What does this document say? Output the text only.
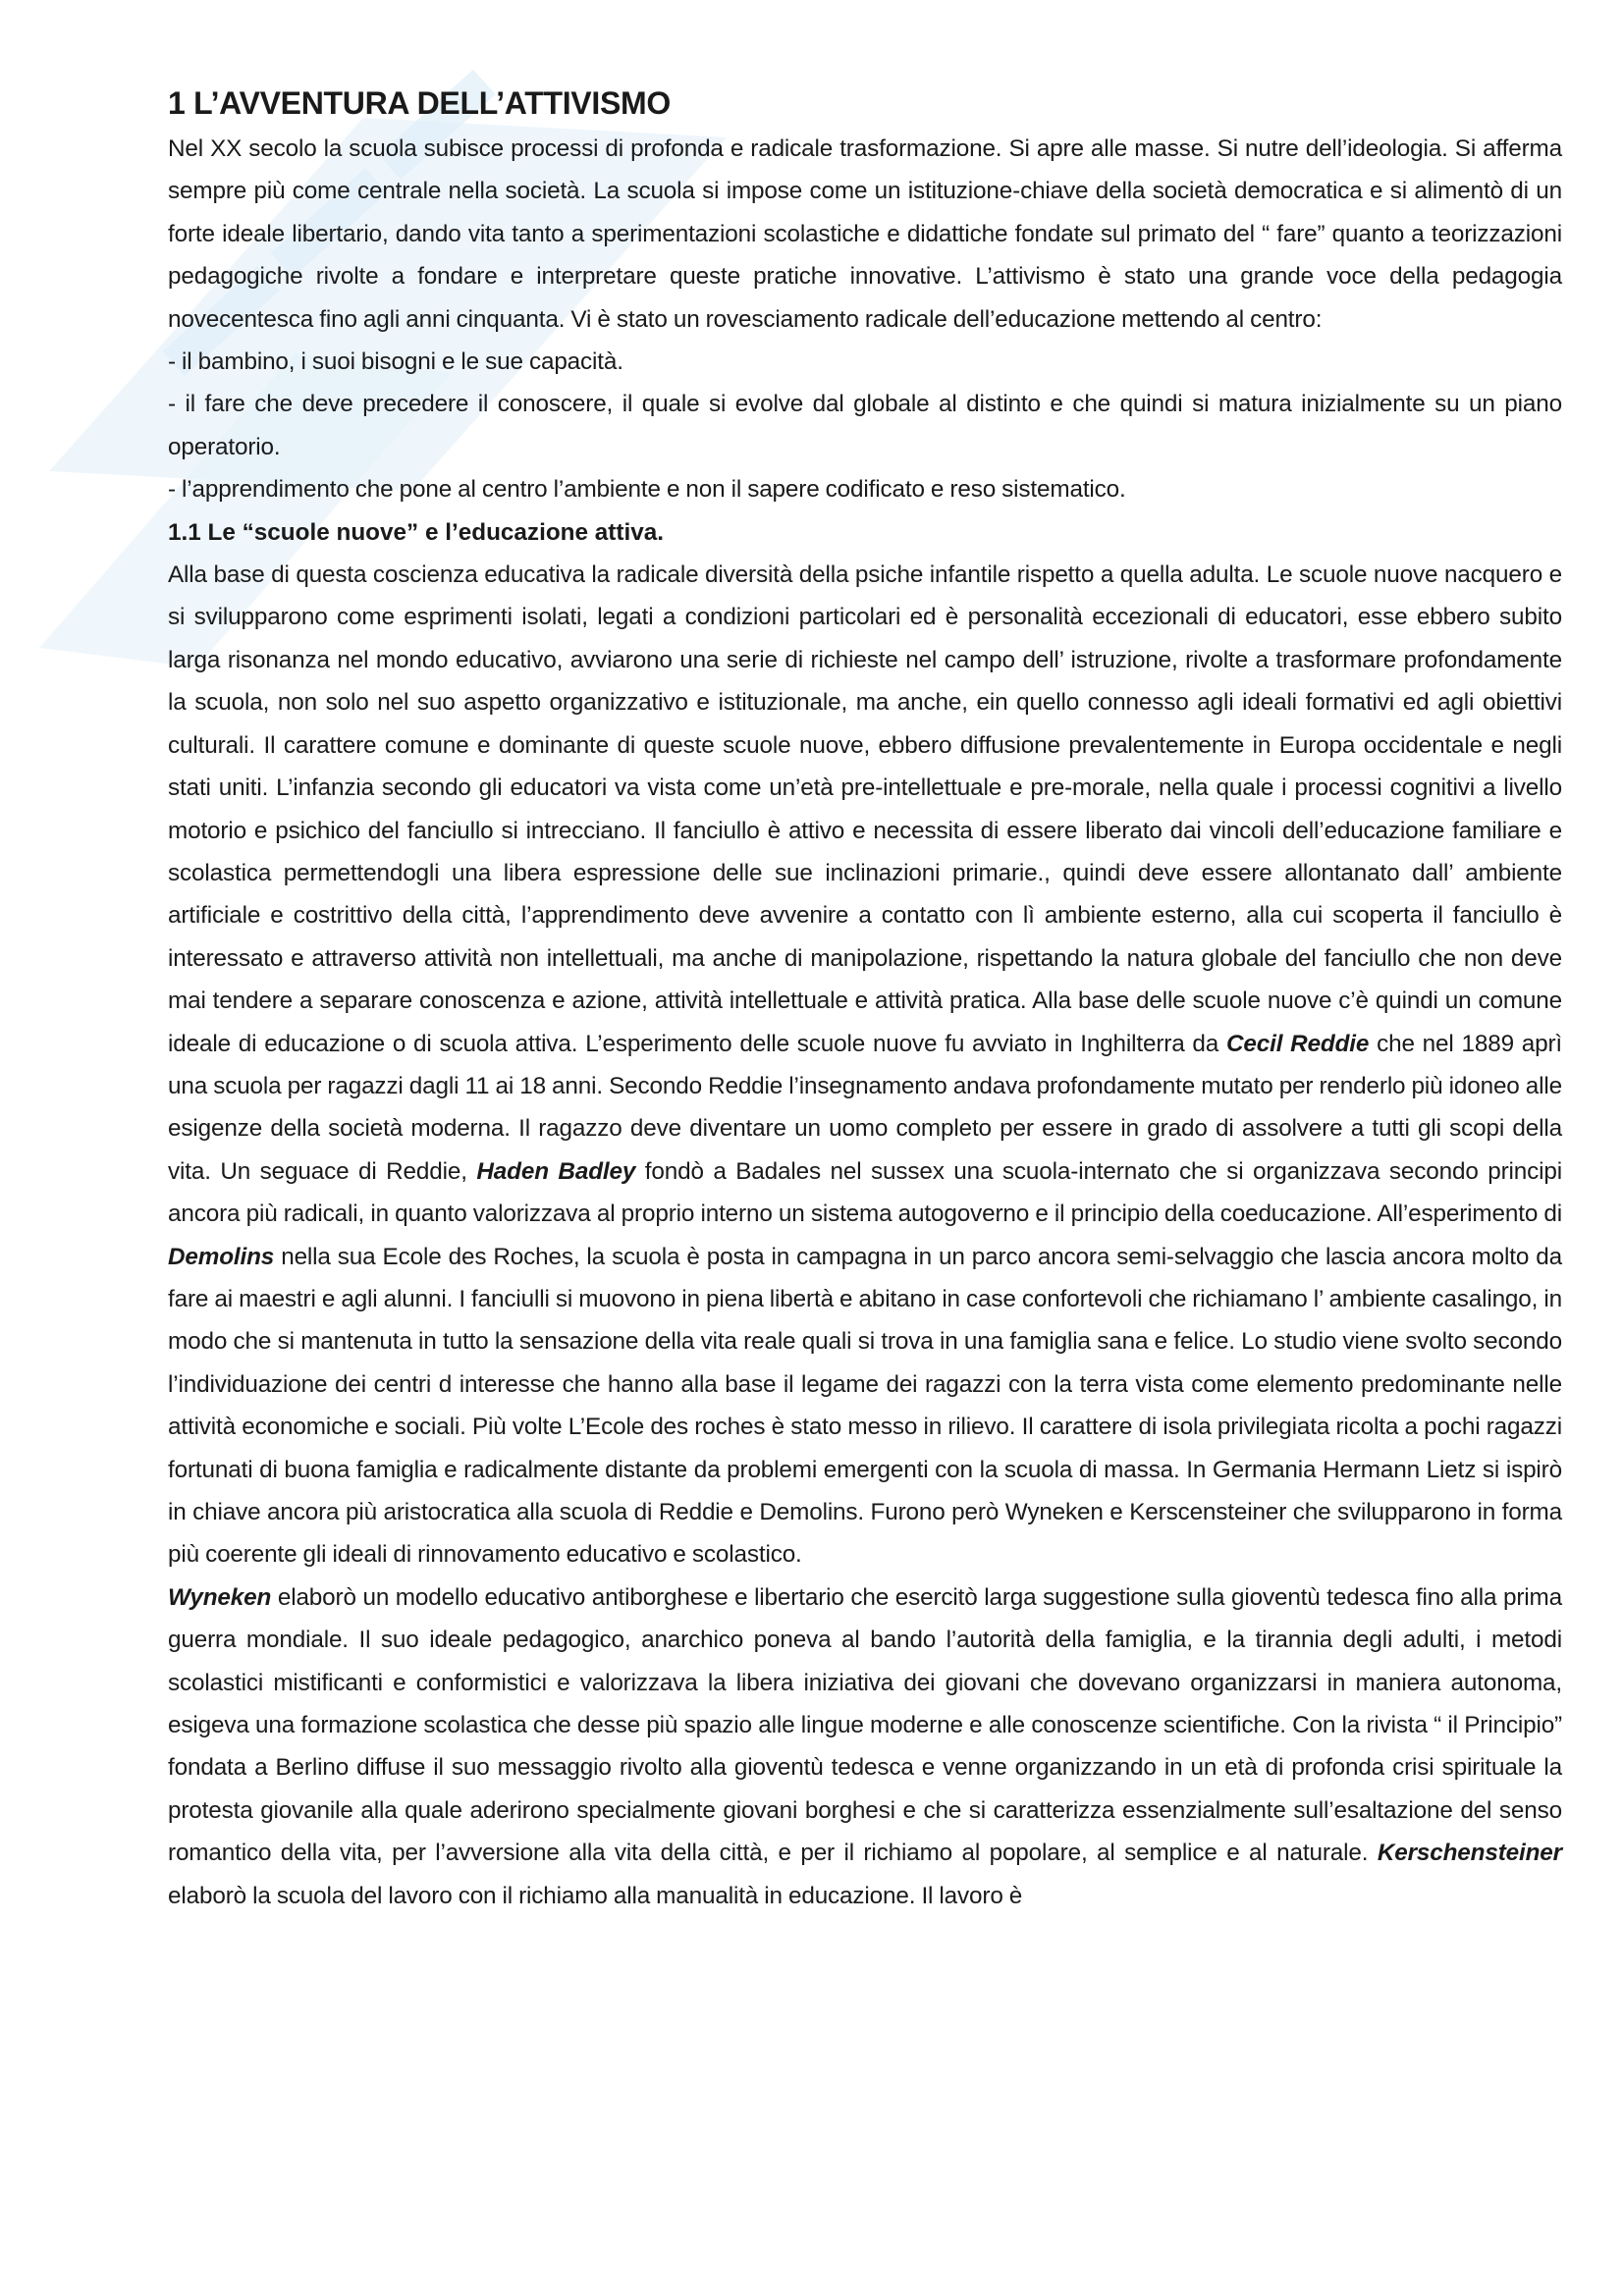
1 L’AVVENTURA DELL’ATTIVISMO

Nel XX secolo la scuola subisce processi di profonda e radicale trasformazione. Si apre alle masse. Si nutre dell’ideologia. Si afferma sempre più come centrale nella società. La scuola si impose come un istituzione-chiave della società democratica e si alimentò di un forte ideale libertario, dando vita tanto a sperimentazioni scolastiche e didattiche fondate sul primato del “ fare” quanto a teorizzazioni pedagogiche rivolte a fondare e interpretare queste pratiche innovative. L’attivismo è stato una grande voce della pedagogia novecentesca fino agli anni cinquanta. Vi è stato un rovesciamento radicale dell’educazione mettendo al centro:

- il bambino, i suoi bisogni e le sue capacità.

- il fare che deve precedere il conoscere, il quale si evolve dal globale al distinto e che quindi si matura inizialmente su un piano operatorio.

- l’apprendimento che pone al centro l’ambiente e non il sapere codificato e reso sistematico.

1.1 Le “scuole nuove” e l’educazione attiva.

Alla base di questa coscienza educativa la radicale diversità della psiche infantile rispetto a quella adulta. Le scuole nuove nacquero e si svilupparono come esprimenti isolati, legati a condizioni particolari ed è personalità eccezionali di educatori, esse ebbero subito larga risonanza nel mondo educativo, avviarono una serie di richieste nel campo dell’ istruzione, rivolte a trasformare profondamente la scuola, non solo nel suo aspetto organizzativo e istituzionale, ma anche, ein quello connesso agli ideali formativi ed agli obiettivi culturali. Il carattere comune e dominante di queste scuole nuove, ebbero diffusione prevalentemente in Europa occidentale e negli stati uniti. L’infanzia secondo gli educatori va vista come un’età pre-intellettuale e pre-morale, nella quale i processi cognitivi a livello motorio e psichico del fanciullo si intrecciano. Il fanciullo è attivo e necessita di essere liberato dai vincoli dell’educazione familiare e scolastica permettendogli una libera espressione delle sue inclinazioni primarie., quindi deve essere allontanato dall’ ambiente artificiale e costrittivo della città, l’apprendimento deve avvenire a contatto con lì ambiente esterno, alla cui scoperta il fanciullo è interessato e attraverso attività non intellettuali, ma anche di manipolazione, rispettando la natura globale del fanciullo che non deve mai tendere a separare conoscenza e azione, attività intellettuale e attività pratica. Alla base delle scuole nuove c’è quindi un comune ideale di educazione o di scuola attiva. L’esperimento delle scuole nuove fu avviato in Inghilterra da Cecil Reddie che nel 1889 aprì una scuola per ragazzi dagli 11 ai 18 anni. Secondo Reddie l’insegnamento andava profondamente mutato per renderlo più idoneo alle esigenze della società moderna. Il ragazzo deve diventare un uomo completo per essere in grado di assolvere a tutti gli scopi della vita. Un seguace di Reddie, Haden Badley fondò a Badales nel sussex una scuola-internato che si organizzava secondo principi ancora più radicali, in quanto valorizzava al proprio interno un sistema autogoverno e il principio della coeducazione. All’esperimento di Demolins nella sua Ecole des Roches, la scuola è posta in campagna in un parco ancora semi-selvaggio che lascia ancora molto da fare ai maestri e agli alunni. I fanciulli si muovono in piena libertà e abitano in case confortevoli che richiamano l’ ambiente casalingo, in modo che si mantenuta in tutto la sensazione della vita reale quali si trova in una famiglia sana e felice. Lo studio viene svolto secondo l’individuazione dei centri d interesse che hanno alla base il legame dei ragazzi con la terra vista come elemento predominante nelle attività economiche e sociali. Più volte L’Ecole des roches è stato messo in rilievo. Il carattere di isola privilegiata ricolta a pochi ragazzi fortunati di buona famiglia e radicalmente distante da problemi emergenti con la scuola di massa. In Germania Hermann Lietz si ispirò in chiave ancora più aristocratica alla scuola di Reddie e Demolins. Furono però Wyneken e Kerscensteiner che svilupparono in forma più coerente gli ideali di rinnovamento educativo e scolastico.

Wyneken elaborò un modello educativo antiborghese e libertario che esercitò larga suggestione sulla gioventù tedesca fino alla prima guerra mondiale. Il suo ideale pedagogico, anarchico poneva al bando l’autorità della famiglia, e la tirannia degli adulti, i metodi scolastici mistificanti e conformistici e valorizzava la libera iniziativa dei giovani che dovevano organizzarsi in maniera autonoma, esigeva una formazione scolastica che desse più spazio alle lingue moderne e alle conoscenze scientifiche. Con la rivista “ il Principio” fondata a Berlino diffuse il suo messaggio rivolto alla gioventù tedesca e venne organizzando in un età di profonda crisi spirituale la protesta giovanile alla quale aderirono specialmente giovani borghesi e che si caratterizza essenzialmente sull’esaltazione del senso romantico della vita, per l’avversione alla vita della città, e per il richiamo al popolare, al semplice e al naturale. Kerschensteiner elaborò la scuola del lavoro con il richiamo alla manualità in educazione. Il lavoro è
